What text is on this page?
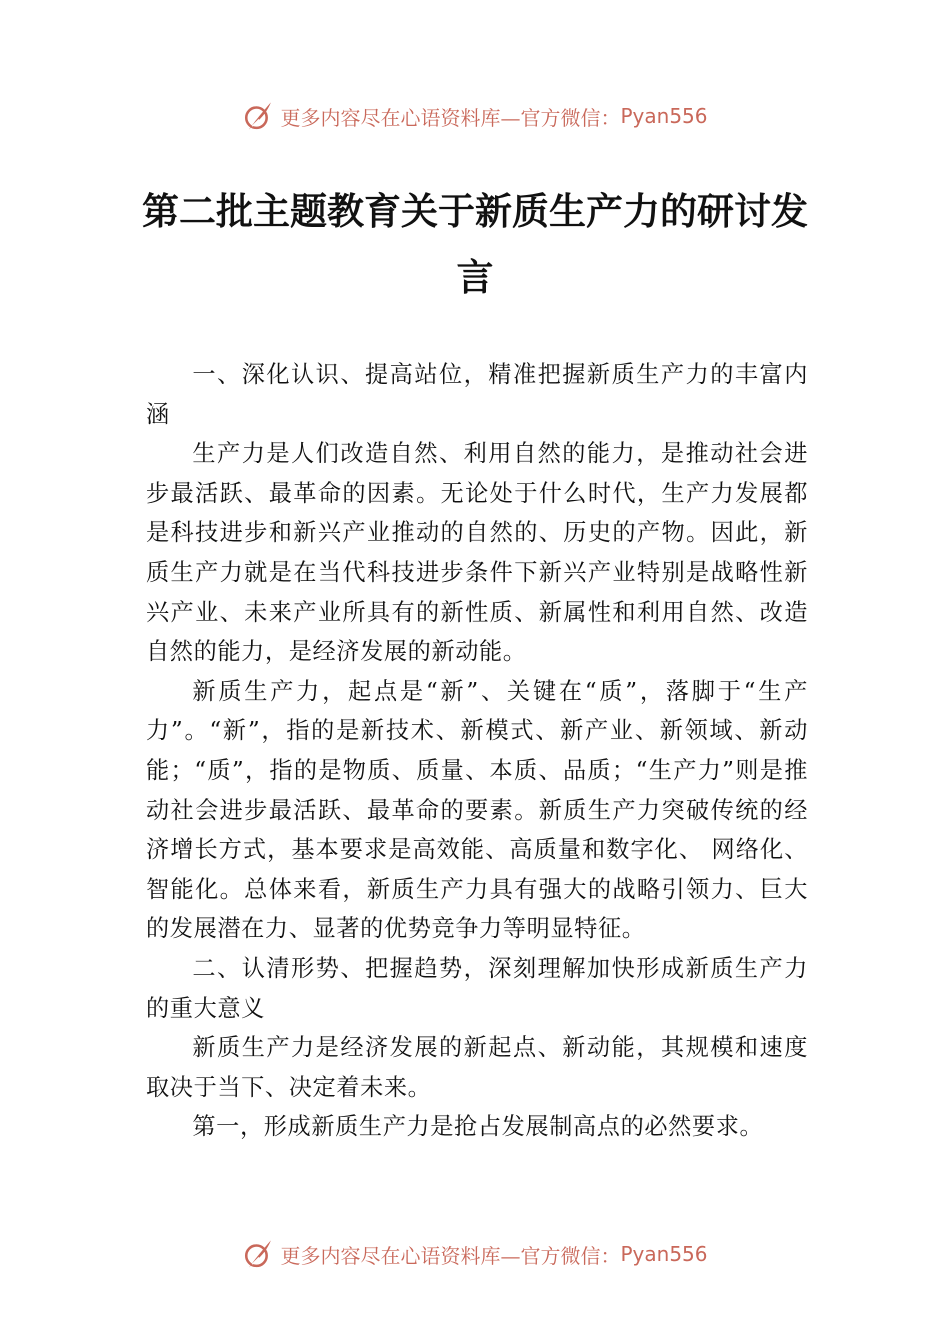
更多内容尽在心语资料库—官方微信： Pyan556
第二批主题教育关于新质生产力的研讨发言

一、深化认识、提高站位，精准把握新质生产力的丰富内涵

生产力是人们改造自然、利用自然的能力，是推动社会进步最活跃、最革命的因素。无论处于什么时代，生产力发展都是科技进步和新兴产业推动的自然的、历史的产物。因此，新质生产力就是在当代科技进步条件下新兴产业特别是战略性新兴产业、未来产业所具有的新性质、新属性和利用自然、改造自然的能力，是经济发展的新动能。

新质生产力，起点是“新”、关键在“质”，落脚于“生产力”。“新”，指的是新技术、新模式、新产业、新领域、新动能；“质”，指的是物质、质量、本质、品质；“生产力”则是推动社会进步最活跃、最革命的要素。新质生产力突破传统的经济增长方式，基本要求是高效能、高质量和数字化、 网络化、智能化。总体来看，新质生产力具有强大的战略引领力、巨大的发展潜在力、显著的优势竞争力等明显特征。

二、认清形势、把握趋势，深刻理解加快形成新质生产力的重大意义

新质生产力是经济发展的新起点、新动能，其规模和速度取决于当下、决定着未来。

第一，形成新质生产力是抢占发展制高点的必然要求。

更多内容尽在心语资料库—官方微信： Pyan556
